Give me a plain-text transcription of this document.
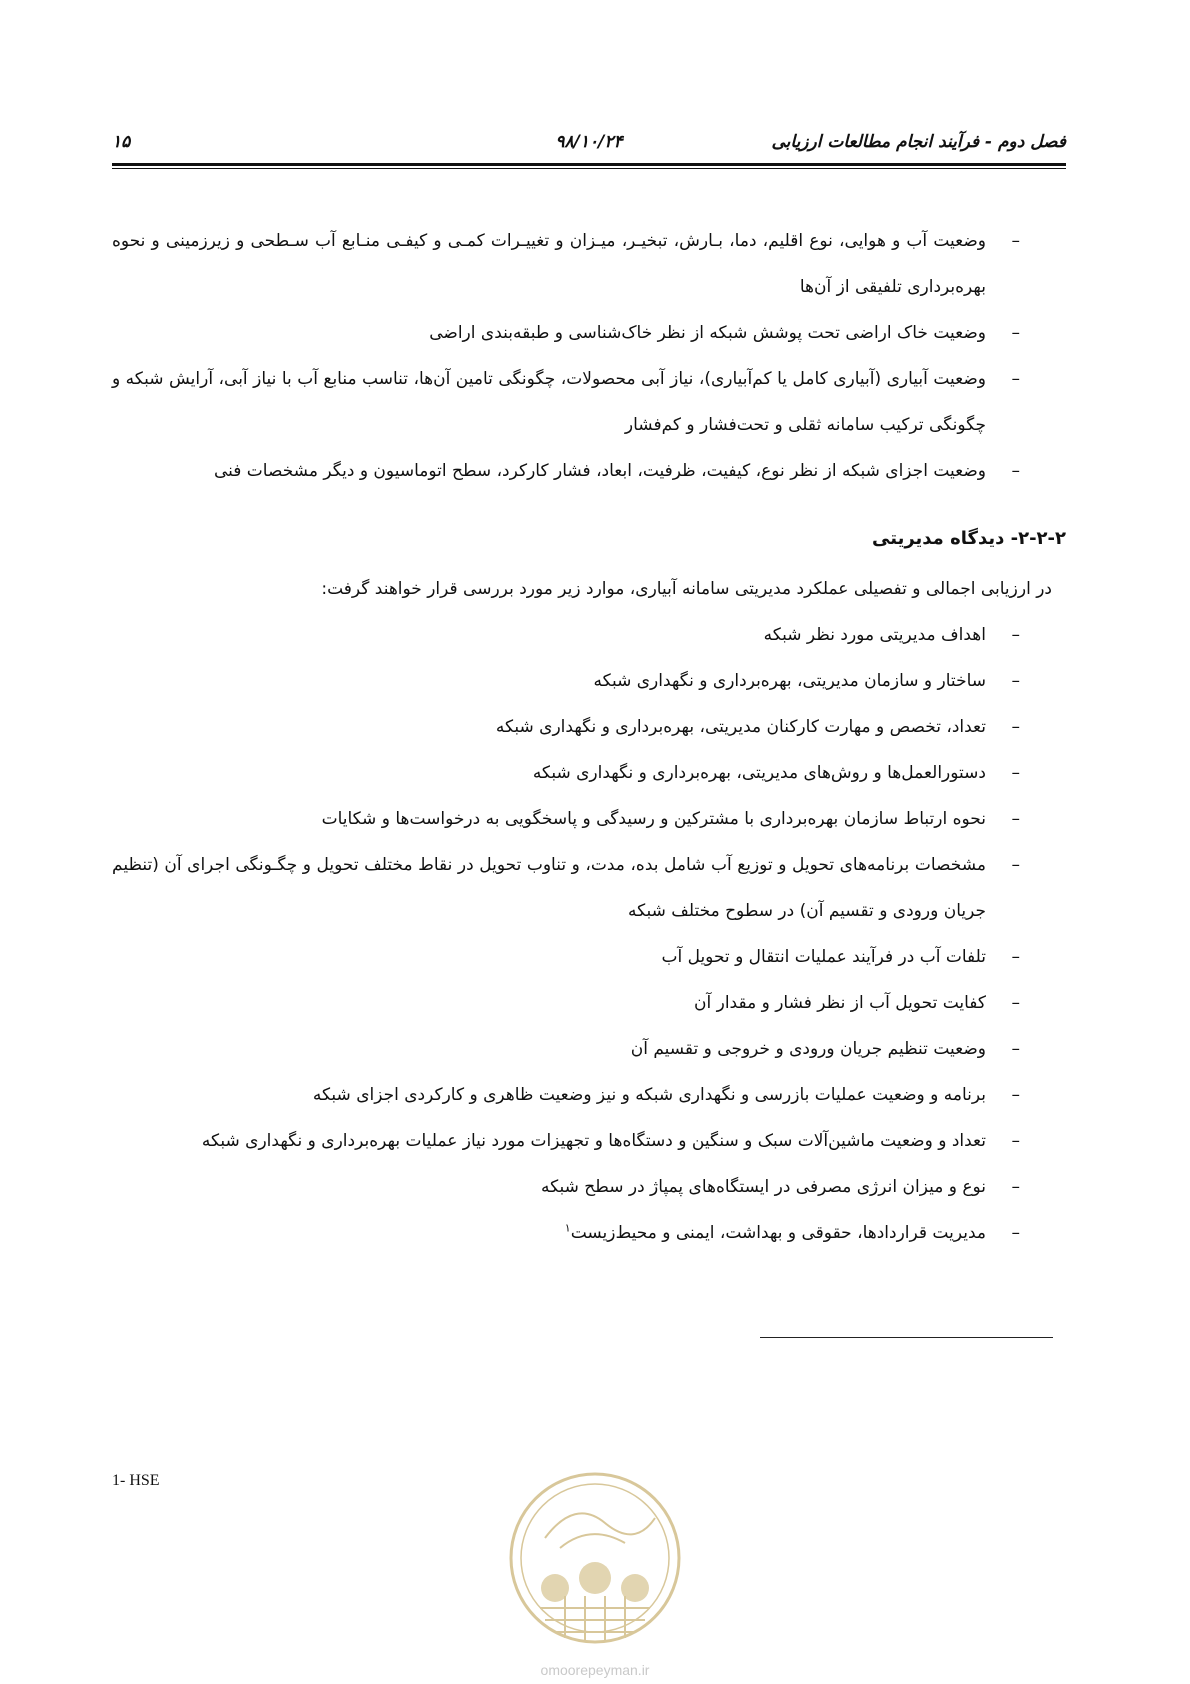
فصل دوم - فرآیند انجام مطالعات ارزیابی
۹۸/۱۰/۲۴
۱۵
– وضعیت آب و هوایی، نوع اقلیم، دما، بـارش، تبخیـر، میـزان و تغییـرات کمـی و کیفـی منـابع آب سـطحی و زیرزمینی و نحوه بهره‌برداری تلفیقی از آن‌ها
– وضعیت خاک اراضی تحت پوشش شبکه از نظر خاک‌شناسی و طبقه‌بندی اراضی
– وضعیت آبیاری (آبیاری کامل یا کم‌آبیاری)، نیاز آبی محصولات، چگونگی تامین آن‌ها، تناسب منابع آب با نیاز آبی، آرایش شبکه و چگونگی ترکیب سامانه ثقلی و تحت‌فشار و کم‌فشار
– وضعیت اجزای شبکه از نظر نوع، کیفیت، ظرفیت، ابعاد، فشار کارکرد، سطح اتوماسیون و دیگر مشخصات فنی
۲-۲-۲- دیدگاه مدیریتی
در ارزیابی اجمالی و تفصیلی عملکرد مدیریتی سامانه آبیاری، موارد زیر مورد بررسی قرار خواهند گرفت:
– اهداف مدیریتی مورد نظر شبکه
– ساختار و سازمان مدیریتی، بهره‌برداری و نگهداری شبکه
– تعداد، تخصص و مهارت کارکنان مدیریتی، بهره‌برداری و نگهداری شبکه
– دستورالعمل‌ها و روش‌های مدیریتی، بهره‌برداری و نگهداری شبکه
– نحوه ارتباط سازمان بهره‌برداری با مشترکین و رسیدگی و پاسخگویی به درخواست‌ها و شکایات
– مشخصات برنامه‌های تحویل و توزیع آب شامل بده، مدت، و تناوب تحویل در نقاط مختلف تحویل و چگـونگی اجرای آن (تنظیم جریان ورودی و تقسیم آن) در سطوح مختلف شبکه
– تلفات آب در فرآیند عملیات انتقال و تحویل آب
– کفایت تحویل آب از نظر فشار و مقدار آن
– وضعیت تنظیم جریان ورودی و خروجی و تقسیم آن
– برنامه و وضعیت عملیات بازرسی و نگهداری شبکه و نیز وضعیت ظاهری و کارکردی اجزای شبکه
– تعداد و وضعیت ماشین‌آلات سبک و سنگین و دستگاه‌ها و تجهیزات مورد نیاز عملیات بهره‌برداری و نگهداری شبکه
– نوع و میزان انرژی مصرفی در ایستگاه‌های پمپاژ در سطح شبکه
– مدیریت قراردادها، حقوقی و بهداشت، ایمنی و محیط‌زیست$^۱$
1- HSE
omoorepeyman.ir
